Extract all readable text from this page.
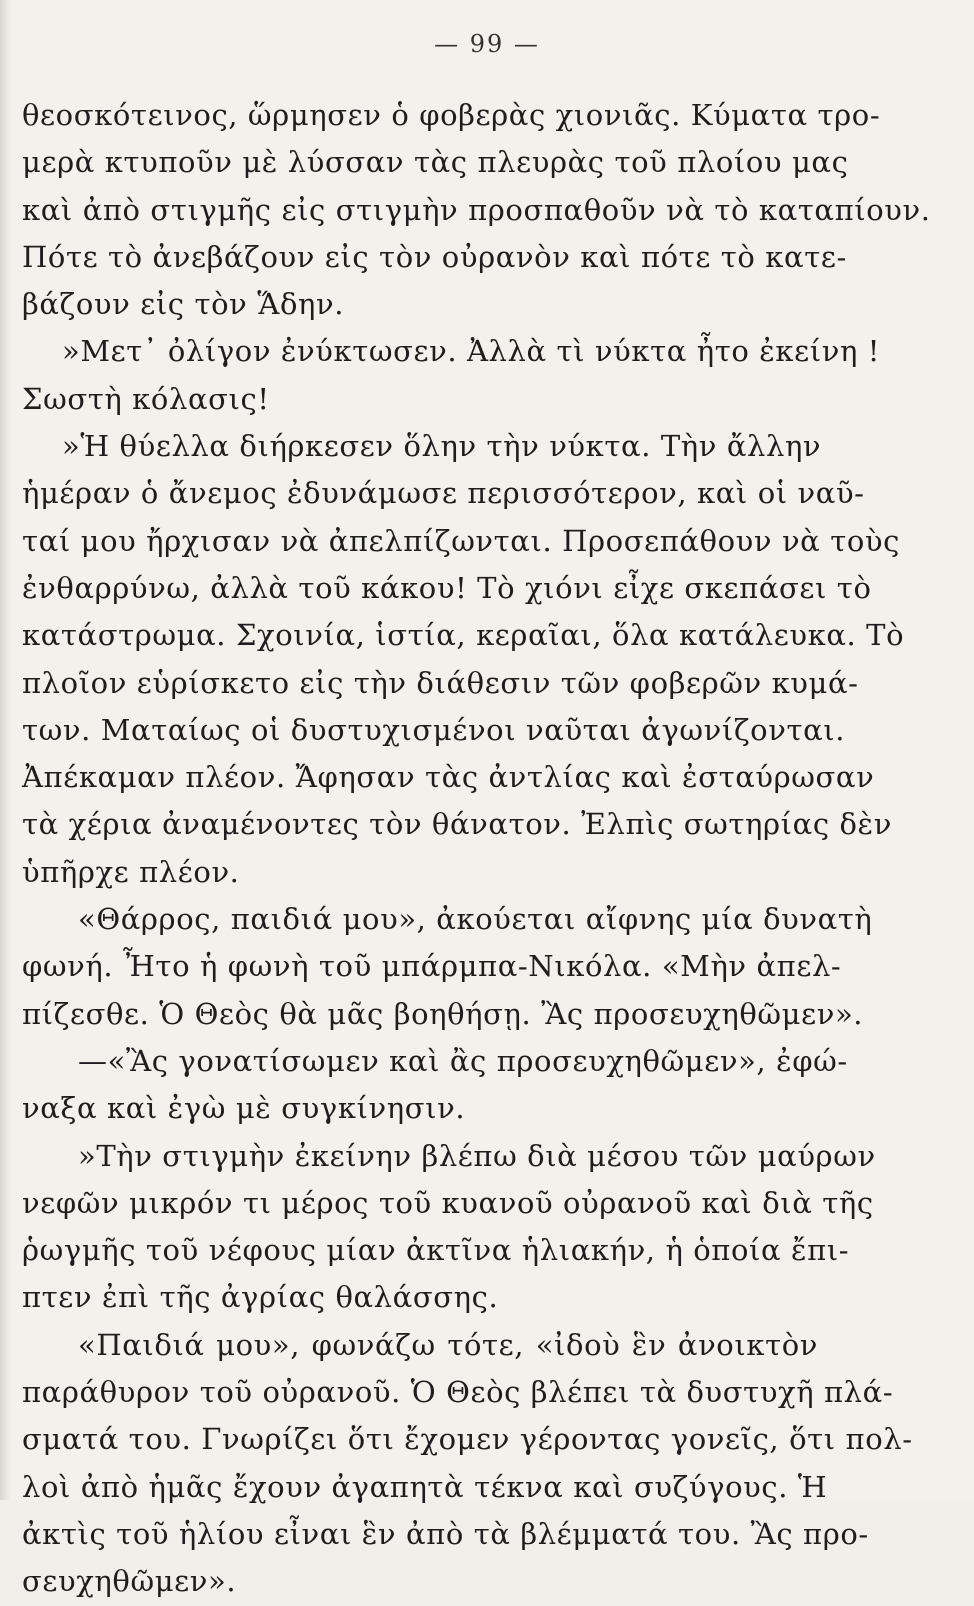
— 99 —
θεοσκότεινος, ὥρμησεν ὁ φοβερὰς χιονιᾶς. Κύματα τρο-
μερὰ κτυποῦν μὲ λύσσαν τὰς πλευρὰς τοῦ πλοίου μας
καὶ ἀπὸ στιγμῆς εἰς στιγμὴν προσπαθοῦν νὰ τὸ καταπίουν.
Πότε τὸ ἀνεβάζουν εἰς τὸν οὐρανὸν καὶ πότε τὸ κατε-
βάζουν εἰς τὸν Ἅδην.
»Μετ᾽ ὀλίγον ἐνύκτωσεν. Ἀλλὰ τὶ νύκτα ἦτο ἐκείνη !
Σωστὴ κόλασις!
»Ἡ θύελλα διήρκεσεν ὅλην τὴν νύκτα. Τὴν ἄλλην
ἡμέραν ὁ ἄνεμος ἐδυνάμωσε περισσότερον, καὶ οἱ ναῦ-
ταί μου ἤρχισαν νὰ ἀπελπίζωνται. Προσεπάθουν νὰ τοὺς
ἐνθαρρύνω, ἀλλὰ τοῦ κάκου! Τὸ χιόνι εἶχε σκεπάσει τὸ
κατάστρωμα. Σχοινία, ἱστία, κεραῖαι, ὅλα κατάλευκα. Τὸ
πλοῖον εὑρίσκετο εἰς τὴν διάθεσιν τῶν φοβερῶν κυμά-
των. Ματαίως οἱ δυστυχισμένοι ναῦται ἀγωνίζονται.
Ἀπέκαμαν πλέον. Ἄφησαν τὰς ἀντλίας καὶ ἐσταύρωσαν
τὰ χέρια ἀναμένοντες τὸν θάνατον. Ἐλπὶς σωτηρίας δὲν
ὑπῆρχε πλέον.
«Θάρρος, παιδιά μου», ἀκούεται αἴφνης μία δυνατὴ
φωνή. Ἦτο ἡ φωνὴ τοῦ μπάρμπα-Νικόλα. «Μὴν ἀπελ-
πίζεσθε. Ὁ Θεὸς θὰ μᾶς βοηθήσῃ. Ἂς προσευχηθῶμεν».
—«Ἂς γονατίσωμεν καὶ ἂς προσευχηθῶμεν», ἐφώ-
ναξα καὶ ἐγὼ μὲ συγκίνησιν.
»Τὴν στιγμὴν ἐκείνην βλέπω διὰ μέσου τῶν μαύρων
νεφῶν μικρόν τι μέρος τοῦ κυανοῦ οὐρανοῦ καὶ διὰ τῆς
ῥωγμῆς τοῦ νέφους μίαν ἀκτῖνα ἡλιακήν, ἡ ὁποία ἔπι-
πτεν ἐπὶ τῆς ἀγρίας θαλάσσης.
«Παιδιά μου», φωνάζω τότε, «ἰδοὺ ἓν ἀνοικτὸν
παράθυρον τοῦ οὐρανοῦ. Ὁ Θεὸς βλέπει τὰ δυστυχῆ πλά-
σματά του. Γνωρίζει ὅτι ἔχομεν γέροντας γονεῖς, ὅτι πολ-
λοὶ ἀπὸ ἡμᾶς ἔχουν ἀγαπητὰ τέκνα καὶ συζύγους. Ἡ
ἀκτὶς τοῦ ἡλίου εἶναι ἓν ἀπὸ τὰ βλέμματά του. Ἂς προ-
σευχηθῶμεν».
